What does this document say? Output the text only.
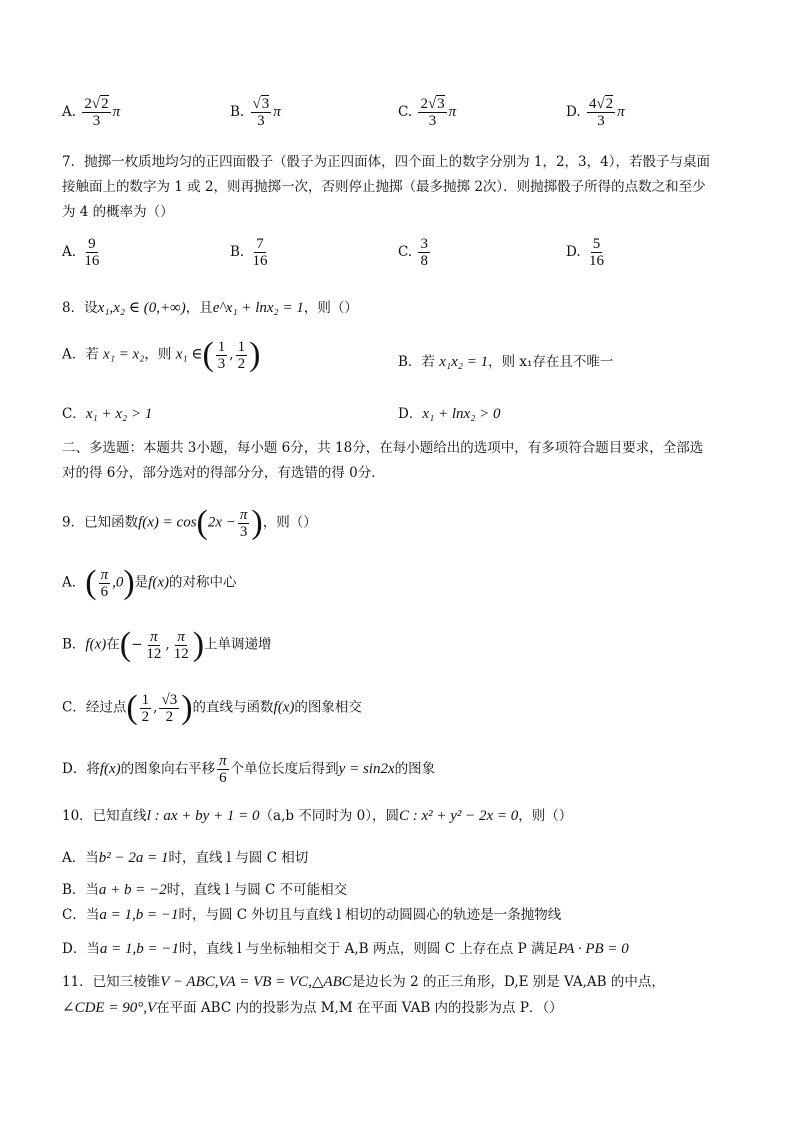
A. $\frac{2√2}{3}$ π	B. $\frac{√3}{3}$ π	C. $\frac{2√3}{3}$ π	D. $\frac{4√2}{3}$ π
7．抛掷一枚质地均匀的正四面骰子（骰子为正四面体，四个面上的数字分别为 1，2，3，4），若骰子与桌面
接触面上的数字为 1 或 2，则再抛掷一次，否则停止抛掷（最多抛掷 2次）．则抛掷骰子所得的点数之和至少
为 4 的概率为（）
A. $\frac{9}{16}$	B. $\frac{7}{16}$	C. $\frac{3}{8}$	D. $\frac{5}{16}$
8．设x₁,x₂ ∈ (0,+∞)，且e^x₁ + lnx₂ = 1，则（）
A．若 x₁ = x₂，则 x₁ ∈( $\frac{1}{3}$ , $\frac{1}{2}$ )	B．若 x₁x₂ = 1，则 x₁存在且不唯一
C．x₁ + x₂ > 1	D．x₁ + lnx₂ > 0
二、多选题：本题共 3小题，每小题 6分，共 18分，在每小题给出的选项中，有多项符合题目要求，全部选
对的得 6分，部分选对的得部分分，有选错的得 0分．
9．已知函数$f(x) = \cos(2x - \frac{\pi}{3}$ )，则（）
A．( $\frac{\pi}{6} ,0$)是f(x)的对称中心
B．f(x)在(− $\frac{\pi}{12}$ , $\frac{\pi}{12}$ )上单调递增
C．经过点( $\frac{1}{2}$ , $\frac{√3}{2}$ )的直线与函数f(x)的图象相交
D．将f(x)的图象向右平移 $\frac{\pi}{6}$ 个单位长度后得到y = sin2x的图象
10．已知直线l : ax + by + 1 = 0（a,b 不同时为 0），圆C : x² + y² − 2x = 0，则（）
A．当b² − 2a = 1时，直线 l 与圆 C 相切
B．当a + b = −2时，直线 l 与圆 C 不可能相交
C．当a = 1,b = −1时，与圆 C 外切且与直线 l 相切的动圆圆心的轨迹是一条抛物线
D．当a = 1,b = −1时，直线 l 与坐标轴相交于 A,B 两点，则圆 C 上存在点 P 满足PA · PB = 0
11．已知三棱锥V − ABC,VA = VB = VC,△ABC是边长为 2 的正三角形，D,E 别是 VA,AB 的中点，
∠CDE = 90°,V在平面 ABC 内的投影为点 M,M 在平面 VAB 内的投影为点 P．（）
